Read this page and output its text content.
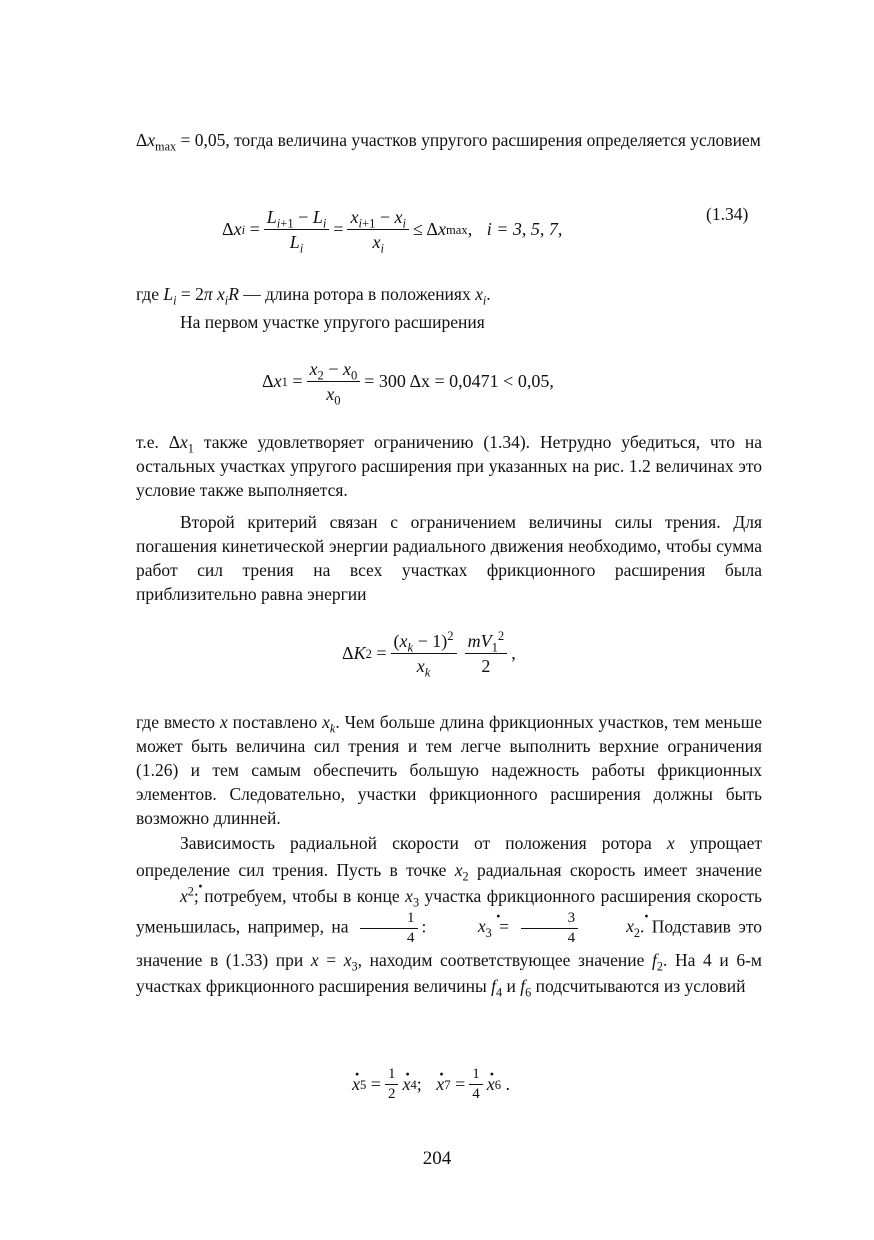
$\Delta x_{max} = 0,05$, тогда величина участков упругого расширения определяется условием
Δ x $i = \frac{L_{i+1} - L_i}{L_i} = \frac{x_{i+1} - x_i}{x_i} \le \Delta$ x max ,
i = 3, 5, 7,
(1.34)
где $L_i = 2\pi$ $x_iR$ — длина ротора в положениях $x_i$.
На первом участке упругого расширения
Δ x $1 = \frac{x_2 - x_0}{x_0} = 300$ Δx = 0,0471 < 0,05,
т.е. $\Delta x_1$ также удовлетворяет ограничению (1.34). Нетрудно убедиться, что на остальных участках упругого расширения при указанных на рис. 1.2 величинах это условие также выполняется.
Второй критерий связан с ограничением величины силы трения. Для погашения кинетической энергии радиального движения необходимо, чтобы сумма работ сил трения на всех участках фрикционного расширения была приблизительно равна энергии
Δ K $2 = \frac{(x_k - 1)^2}{x_k} \frac{mV_1^2}{2}$ ,
где вместо x поставлено $x_k$. Чем больше длина фрикционных участков, тем меньше может быть величина сил трения и тем легче выполнить верхние ограничения (1.26) и тем самым обеспечить большую надежность работы фрикционных элементов. Следовательно, участки фрикционного расширения должны быть возможно длинней.
Зависимость радиальной скорости от положения ротора x упрощает определение сил трения. Пусть в точке $x_2$ радиальная скорость имеет значение · $x^2$; потребуем, чтобы в конце $x_3$ участка фрикционного расширения скорость уменьшилась, например, на $\frac{1}{4}$ : ·	$x_3 = \frac{3}{4}$
·	$x_2$. Подставив это значение в (1.33) при $x = x_3$, находим соответствующее значение $f_2$. На 4 и 6-м участках фрикционного расширения величины $f_4$ и $f_6$ подсчитываются из условий
· x $5 = \frac{1}{2}$
· x 4 ;

· x $7 = \frac{1}{4}$
· x 6 .
204
